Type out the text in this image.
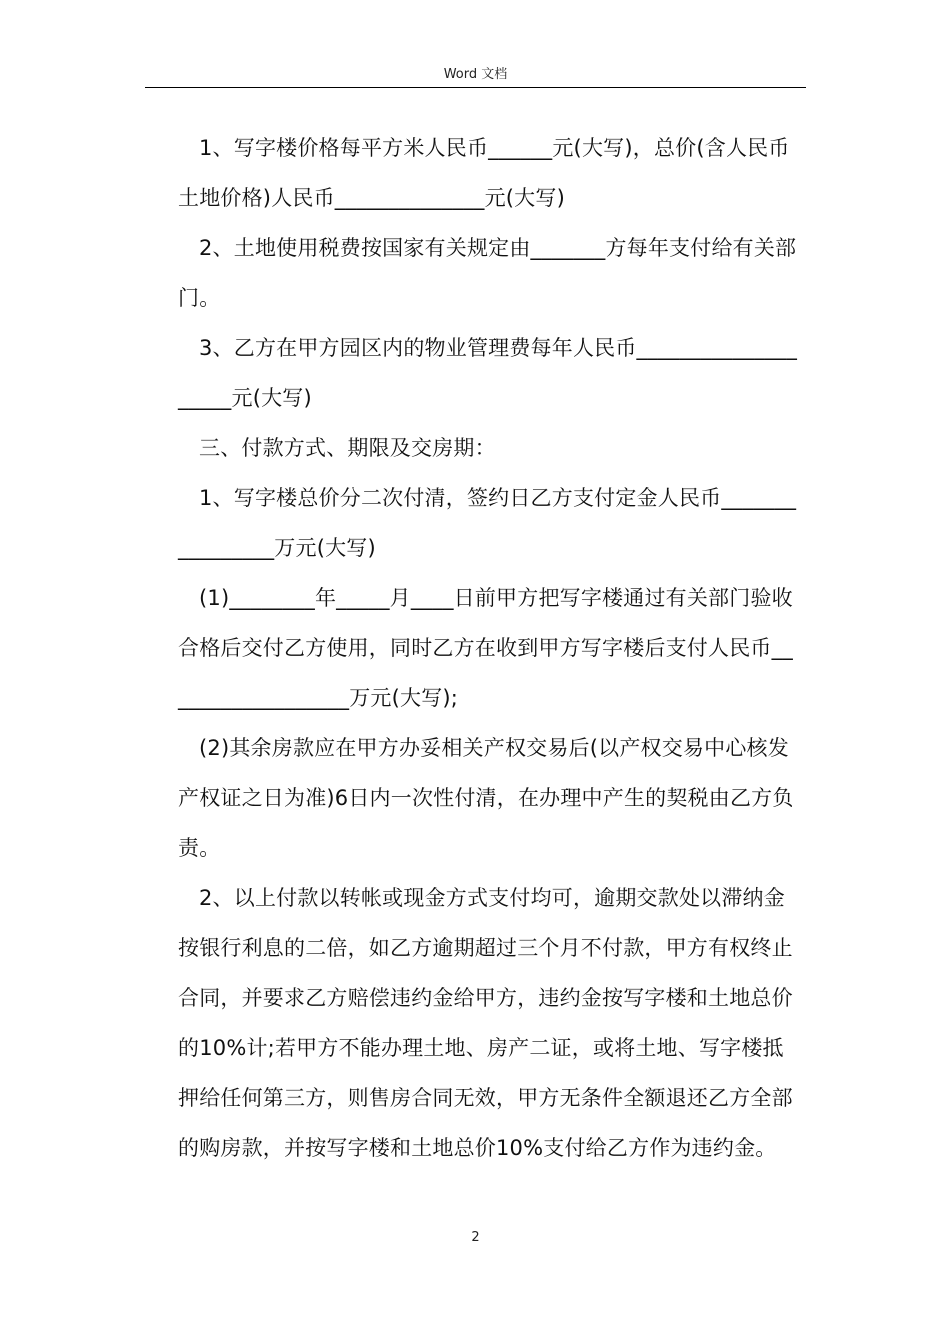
Word 文档

1、写字楼价格每平方米人民币______元(大写)，总价(含人民币土地价格)人民币______________元(大写)

2、土地使用税费按国家有关规定由_______方每年支付给有关部门。

3、乙方在甲方园区内的物业管理费每年人民币____________________元(大写)

三、付款方式、期限及交房期：

1、写字楼总价分二次付清，签约日乙方支付定金人民币________________万元(大写)

(1)________年_____月____日前甲方把写字楼通过有关部门验收合格后交付乙方使用，同时乙方在收到甲方写字楼后支付人民币__________________万元(大写);

(2)其余房款应在甲方办妥相关产权交易后(以产权交易中心核发产权证之日为准)6日内一次性付清，在办理中产生的契税由乙方负责。

2、以上付款以转帐或现金方式支付均可，逾期交款处以滞纳金按银行利息的二倍，如乙方逾期超过三个月不付款，甲方有权终止合同，并要求乙方赔偿违约金给甲方，违约金按写字楼和土地总价的10%计;若甲方不能办理土地、房产二证，或将土地、写字楼抵押给任何第三方，则售房合同无效，甲方无条件全额退还乙方全部的购房款，并按写字楼和土地总价10%支付给乙方作为违约金。

2
